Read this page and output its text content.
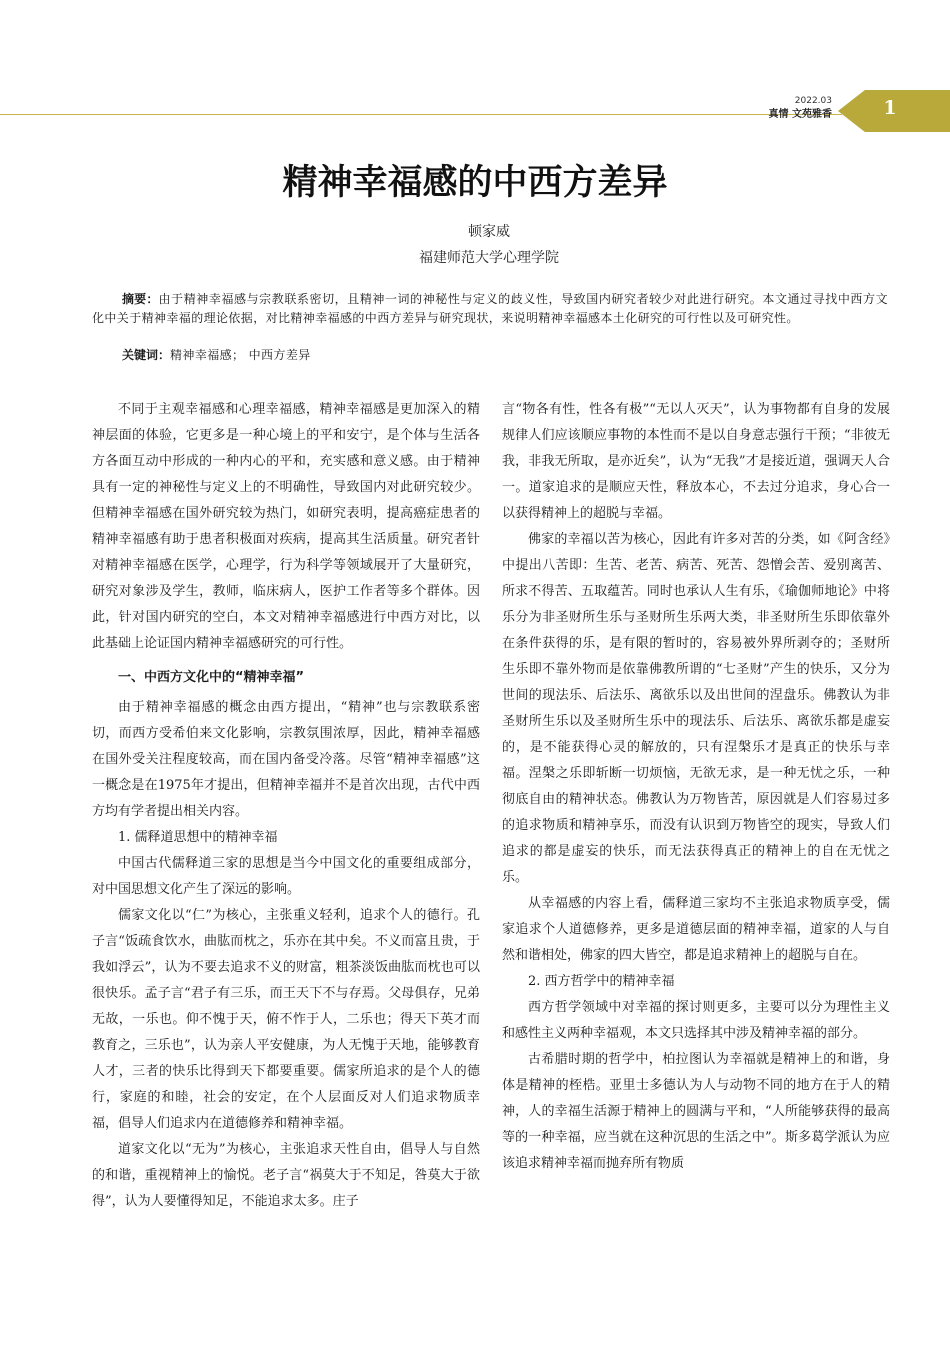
2022.03
真情 文苑雅香	1
精神幸福感的中西方差异
顿家威
福建师范大学心理学院

摘要：由于精神幸福感与宗教联系密切，且精神一词的神秘性与定义的歧义性，导致国内研究者较少对此进行研究。本文通过寻找中西方文化中关于精神幸福的理论依据，对比精神幸福感的中西方差异与研究现状，来说明精神幸福感本土化研究的可行性以及可研究性。

关键词：精神幸福感； 中西方差异

不同于主观幸福感和心理幸福感，精神幸福感是更加深入的精神层面的体验，它更多是一种心境上的平和安宁，是个体与生活各方各面互动中形成的一种内心的平和，充实感和意义感。由于精神具有一定的神秘性与定义上的不明确性，导致国内对此研究较少。但精神幸福感在国外研究较为热门，如研究表明，提高癌症患者的精神幸福感有助于患者积极面对疾病，提高其生活质量。研究者针对精神幸福感在医学，心理学，行为科学等领域展开了大量研究，研究对象涉及学生，教师，临床病人，医护工作者等多个群体。因此，针对国内研究的空白，本文对精神幸福感进行中西方对比，以此基础上论证国内精神幸福感研究的可行性。

一、中西方文化中的“精神幸福”

由于精神幸福感的概念由西方提出，“精神”也与宗教联系密切，而西方受希伯来文化影响，宗教氛围浓厚，因此，精神幸福感在国外受关注程度较高，而在国内备受冷落。尽管“精神幸福感”这一概念是在1975年才提出，但精神幸福并不是首次出现，古代中西方均有学者提出相关内容。

1. 儒释道思想中的精神幸福

中国古代儒释道三家的思想是当今中国文化的重要组成部分，对中国思想文化产生了深远的影响。

儒家文化以“仁”为核心，主张重义轻利，追求个人的德行。孔子言“饭疏食饮水，曲肱而枕之，乐亦在其中矣。不义而富且贵，于我如浮云”，认为不要去追求不义的财富，粗茶淡饭曲肱而枕也可以很快乐。孟子言“君子有三乐，而王天下不与存焉。父母俱存，兄弟无故，一乐也。仰不愧于天，俯不怍于人，二乐也；得天下英才而教育之，三乐也”，认为亲人平安健康，为人无愧于天地，能够教育人才，三者的快乐比得到天下都要重要。儒家所追求的是个人的德行，家庭的和睦，社会的安定，在个人层面反对人们追求物质幸福，倡导人们追求内在道德修养和精神幸福。

道家文化以“无为”为核心，主张追求天性自由，倡导人与自然的和谐，重视精神上的愉悦。老子言“祸莫大于不知足，咎莫大于欲得”，认为人要懂得知足，不能追求太多。庄子

言“物各有性，性各有极”“无以人灭天”，认为事物都有自身的发展规律人们应该顺应事物的本性而不是以自身意志强行干预；“非彼无我，非我无所取，是亦近矣”，认为“无我”才是接近道，强调天人合一。道家追求的是顺应天性，释放本心，不去过分追求，身心合一以获得精神上的超脱与幸福。

佛家的幸福以苦为核心，因此有许多对苦的分类，如《阿含经》中提出八苦即：生苦、老苦、病苦、死苦、怨憎会苦、爱别离苦、所求不得苦、五取蕴苦。同时也承认人生有乐，《瑜伽师地论》中将乐分为非圣财所生乐与圣财所生乐两大类，非圣财所生乐即依靠外在条件获得的乐，是有限的暂时的，容易被外界所剥夺的；圣财所生乐即不靠外物而是依靠佛教所谓的“七圣财”产生的快乐，又分为世间的现法乐、后法乐、离欲乐以及出世间的涅盘乐。佛教认为非圣财所生乐以及圣财所生乐中的现法乐、后法乐、离欲乐都是虚妄的，是不能获得心灵的解放的，只有涅槃乐才是真正的快乐与幸福。涅槃之乐即斩断一切烦恼，无欲无求，是一种无忧之乐，一种彻底自由的精神状态。佛教认为万物皆苦，原因就是人们容易过多的追求物质和精神享乐，而没有认识到万物皆空的现实，导致人们追求的都是虚妄的快乐，而无法获得真正的精神上的自在无忧之乐。

从幸福感的内容上看，儒释道三家均不主张追求物质享受，儒家追求个人道德修养，更多是道德层面的精神幸福，道家的人与自然和谐相处，佛家的四大皆空，都是追求精神上的超脱与自在。

2. 西方哲学中的精神幸福

西方哲学领域中对幸福的探讨则更多，主要可以分为理性主义和感性主义两种幸福观，本文只选择其中涉及精神幸福的部分。

古希腊时期的哲学中，柏拉图认为幸福就是精神上的和谐，身体是精神的桎梏。亚里士多德认为人与动物不同的地方在于人的精神，人的幸福生活源于精神上的圆满与平和，“人所能够获得的最高等的一种幸福，应当就在这种沉思的生活之中”。斯多葛学派认为应该追求精神幸福而抛弃所有物质
